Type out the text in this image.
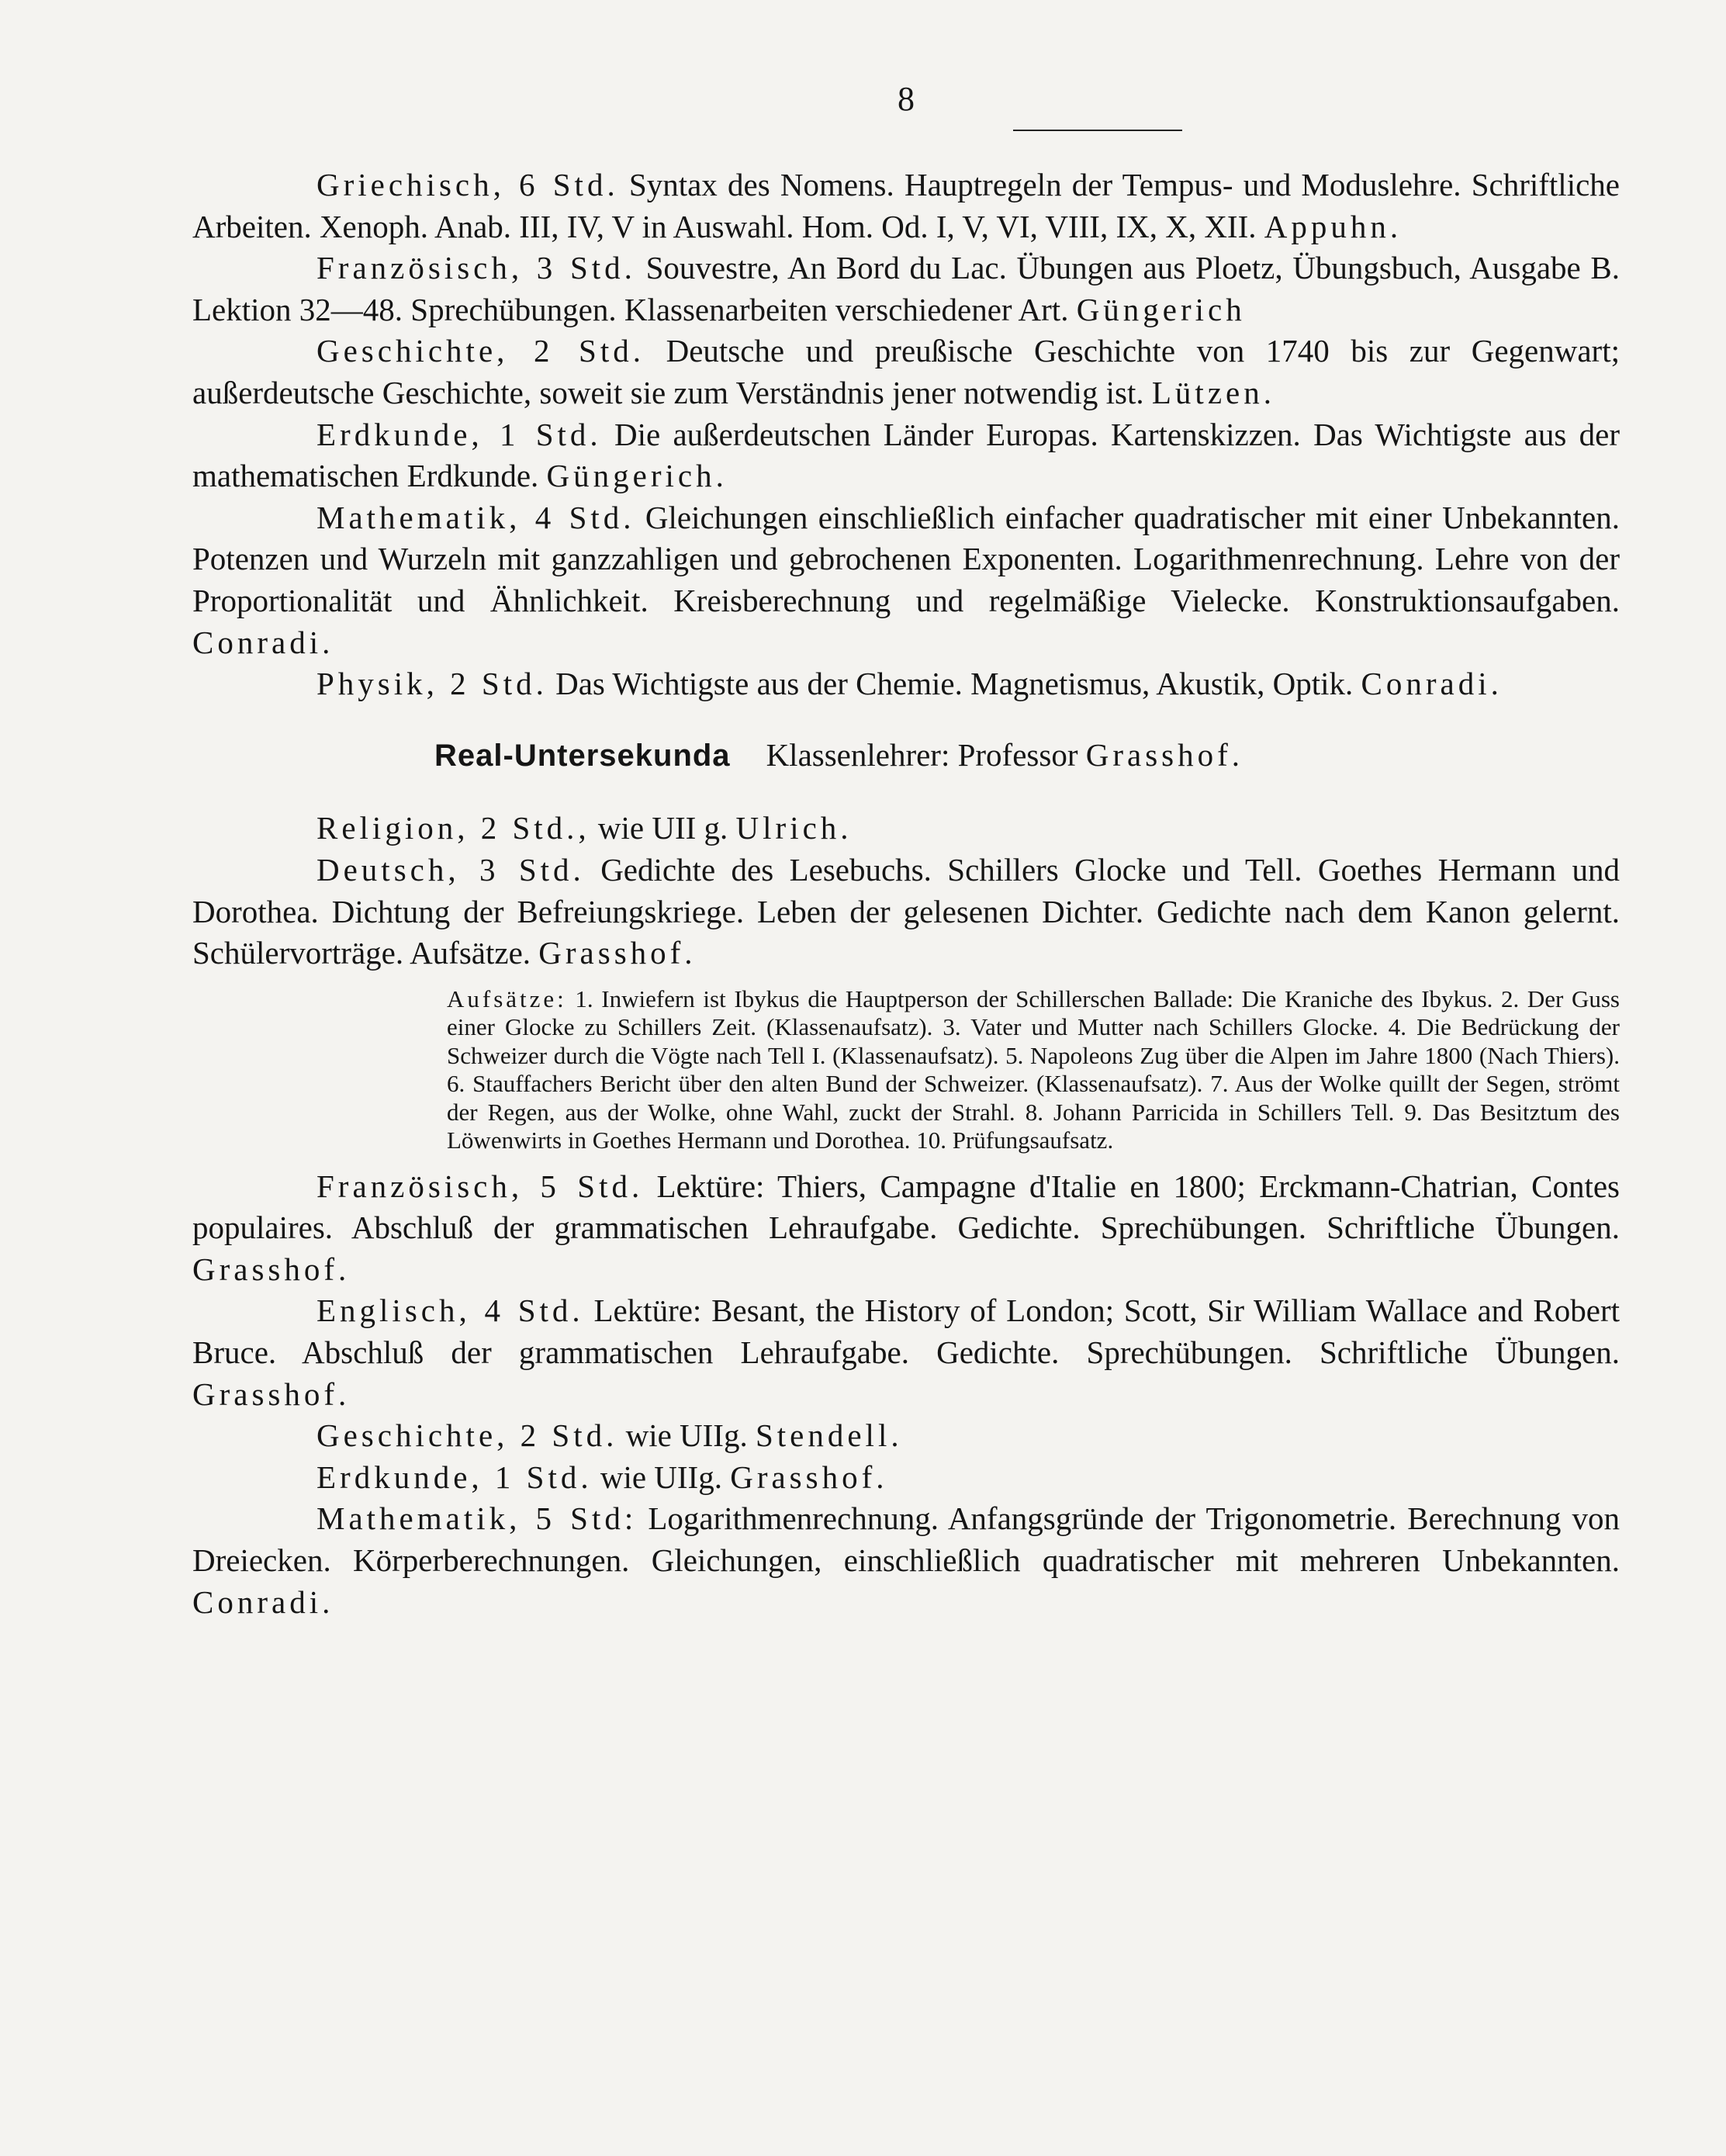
8

Griechisch, 6 Std. Syntax des Nomens. Hauptregeln der Tempus- und Moduslehre. Schriftliche Arbeiten. Xenoph. Anab. III, IV, V in Auswahl. Hom. Od. I, V, VI, VIII, IX, X, XII. Appuhn.

Französisch, 3 Std. Souvestre, An Bord du Lac. Übungen aus Ploetz, Übungsbuch, Ausgabe B. Lektion 32—48. Sprechübungen. Klassenarbeiten verschiedener Art. Güngerich

Geschichte, 2 Std. Deutsche und preußische Geschichte von 1740 bis zur Gegenwart; außerdeutsche Geschichte, soweit sie zum Verständnis jener notwendig ist. Lützen.

Erdkunde, 1 Std. Die außerdeutschen Länder Europas. Kartenskizzen. Das Wichtigste aus der mathematischen Erdkunde. Güngerich.

Mathematik, 4 Std. Gleichungen einschließlich einfacher quadratischer mit einer Unbekannten. Potenzen und Wurzeln mit ganzzahligen und gebrochenen Exponenten. Logarithmenrechnung. Lehre von der Proportionalität und Ähnlichkeit. Kreisberechnung und regelmäßige Vielecke. Konstruktionsaufgaben. Conradi.

Physik, 2 Std. Das Wichtigste aus der Chemie. Magnetismus, Akustik, Optik. Conradi.

Real-Untersekunda Klassenlehrer: Professor Grasshof.

Religion, 2 Std., wie UII g. Ulrich.

Deutsch, 3 Std. Gedichte des Lesebuchs. Schillers Glocke und Tell. Goethes Hermann und Dorothea. Dichtung der Befreiungskriege. Leben der gelesenen Dichter. Gedichte nach dem Kanon gelernt. Schülervorträge. Aufsätze. Grasshof.

Aufsätze: 1. Inwiefern ist Ibykus die Hauptperson der Schillerschen Ballade: Die Kraniche des Ibykus. 2. Der Guss einer Glocke zu Schillers Zeit. (Klassenaufsatz). 3. Vater und Mutter nach Schillers Glocke. 4. Die Bedrückung der Schweizer durch die Vögte nach Tell I. (Klassenaufsatz). 5. Napoleons Zug über die Alpen im Jahre 1800 (Nach Thiers). 6. Stauffachers Bericht über den alten Bund der Schweizer. (Klassenaufsatz). 7. Aus der Wolke quillt der Segen, strömt der Regen, aus der Wolke, ohne Wahl, zuckt der Strahl. 8. Johann Parricida in Schillers Tell. 9. Das Besitztum des Löwenwirts in Goethes Hermann und Dorothea. 10. Prüfungsaufsatz.

Französisch, 5 Std. Lektüre: Thiers, Campagne d'Italie en 1800; Erckmann-Chatrian, Contes populaires. Abschluß der grammatischen Lehraufgabe. Gedichte. Sprechübungen. Schriftliche Übungen. Grasshof.

Englisch, 4 Std. Lektüre: Besant, the History of London; Scott, Sir William Wallace and Robert Bruce. Abschluß der grammatischen Lehraufgabe. Gedichte. Sprechübungen. Schriftliche Übungen. Grasshof.

Geschichte, 2 Std. wie UIIg. Stendell.

Erdkunde, 1 Std. wie UIIg. Grasshof.

Mathematik, 5 Std: Logarithmenrechnung. Anfangsgründe der Trigonometrie. Berechnung von Dreiecken. Körperberechnungen. Gleichungen, einschließlich quadratischer mit mehreren Unbekannten. Conradi.
